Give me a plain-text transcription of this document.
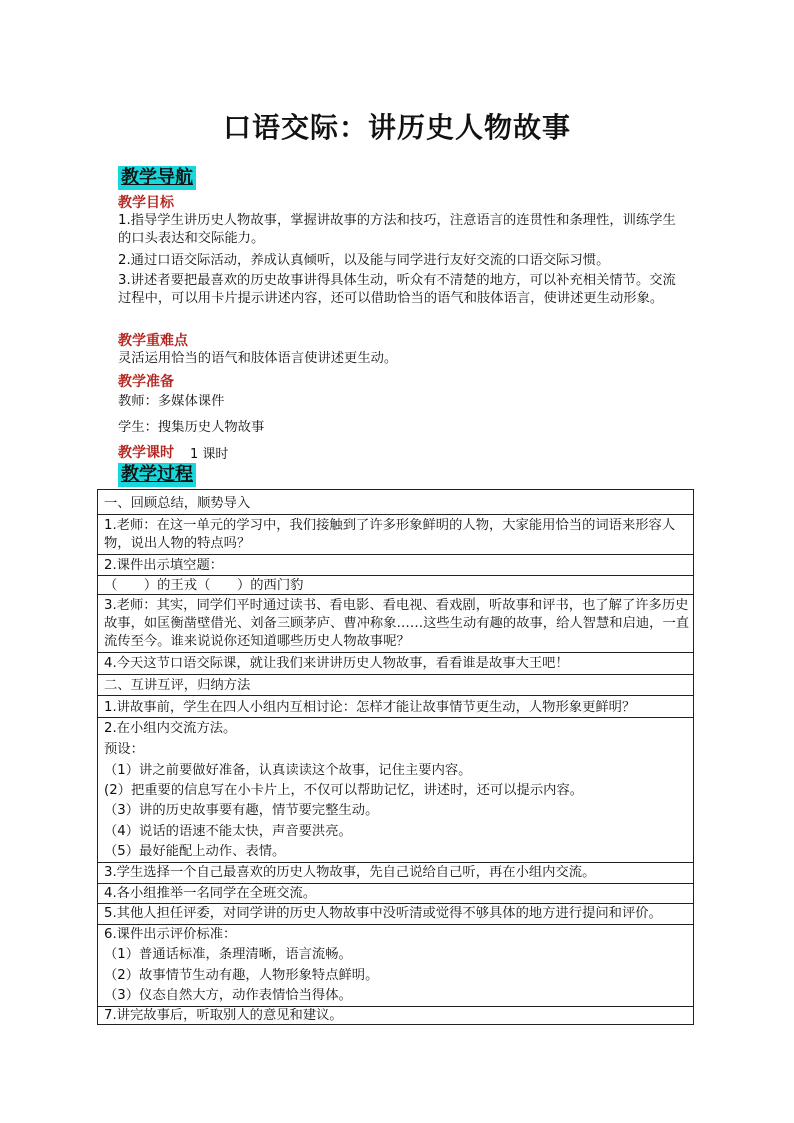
口语交际：讲历史人物故事
教学导航
教学目标
1.指导学生讲历史人物故事，掌握讲故事的方法和技巧，注意语言的连贯性和条理性，训练学生的口头表达和交际能力。
2.通过口语交际活动，养成认真倾听，以及能与同学进行友好交流的口语交际习惯。
3.讲述者要把最喜欢的历史故事讲得具体生动，听众有不清楚的地方，可以补充相关情节。交流过程中，可以用卡片提示讲述内容，还可以借助恰当的语气和肢体语言，使讲述更生动形象。
教学重难点
灵活运用恰当的语气和肢体语言使讲述更生动。
教学准备
教师：多媒体课件
学生：搜集历史人物故事
教学课时 1 课时
教学过程
一、回顾总结，顺势导入
1.老师：在这一单元的学习中，我们接触到了许多形象鲜明的人物，大家能用恰当的词语来形容人物，说出人物的特点吗？
2.课件出示填空题：
（　　）的王戎（　　）的西门豹
3.老师：其实，同学们平时通过读书、看电影、看电视、看戏剧，听故事和评书，也了解了许多历史故事，如匡衡凿壁借光、刘备三顾茅庐、曹冲称象……这些生动有趣的故事，给人智慧和启迪，一直流传至今。谁来说说你还知道哪些历史人物故事呢？
4.今天这节口语交际课，就让我们来讲讲历史人物故事，看看谁是故事大王吧！
二、互讲互评，归纳方法
1.讲故事前，学生在四人小组内互相讨论：怎样才能让故事情节更生动，人物形象更鲜明？
2.在小组内交流方法。
预设：
（1）讲之前要做好准备，认真读读这个故事，记住主要内容。
(2）把重要的信息写在小卡片上，不仅可以帮助记忆，讲述时，还可以提示内容。
（3）讲的历史故事要有趣，情节要完整生动。
（4）说话的语速不能太快，声音要洪亮。
（5）最好能配上动作、表情。
3.学生选择一个自己最喜欢的历史人物故事，先自己说给自己听，再在小组内交流。
4.各小组推举一名同学在全班交流。
5.其他人担任评委，对同学讲的历史人物故事中没听清或觉得不够具体的地方进行提问和评价。
6.课件出示评价标准：
（1）普通话标准，条理清晰，语言流畅。
（2）故事情节生动有趣，人物形象特点鲜明。
（3）仪态自然大方，动作表情恰当得体。
7.讲完故事后，听取别人的意见和建议。
